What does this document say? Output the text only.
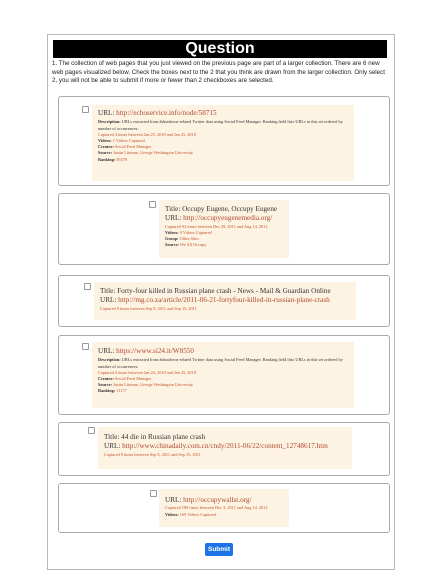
Question
1. The collection of web pages that you just viewed on the previous page are part of a larger collection. There are 6 new web pages visualized below. Check the boxes next to the 2 that you think are drawn from the larger collection. Only select 2, you will not be able to submit if more or fewer than 2 checkboxes are selected.
URL: http://echoservice.info/node/58715
Description: URLs extracted from #shutdown-related Twitter data using Social Feed Manager. Ranking field lists URLs in this set ordered by number of occurrences.
Captured 4 times between Jan 25, 2018 and Jan 25, 2018
Videos: 1 Videos Captured
Creator: Social Feed Manager
Source: Justin Littman, George Washington University
Ranking: 56578
Title: Occupy Eugene, Occupy Eugene
URL: http://occupyeugenemedia.org/
Captured 92 times between Dec 29, 2011 and Aug 14, 2012
Videos: 0 Videos Captured
Group: Other Sites
Source: We All Occupy
Title: Forty-four killed in Russian plane crash - News - Mail & Guardian Online
URL: http://mg.co.za/article/2011-06-21-fortyfour-killed-in-russian-plane-crash
Captured 9 times between Sep 8, 2011 and Sep 15, 2011
URL: https://www.si24.it/W8550
Description: URLs extracted from #shutdown-related Twitter data using Social Feed Manager. Ranking field lists URLs in this set ordered by number of occurrences.
Captured 4 times between Jan 24, 2018 and Jan 25, 2018
Creator: Social Feed Manager
Source: Justin Littman, George Washington University
Ranking: 11177
Title: 44 die in Russian plane crash
URL: http://www.chinadaily.com.cn/cndy/2011-06/22/content_12748617.htm
Captured 9 times between Sep 8, 2011 and Sep 15, 2011
URL: http://occupywallst.org/
Captured 189 times between Dec 3, 2011 and Aug 14, 2012
Videos: 169 Videos Captured
Submit
